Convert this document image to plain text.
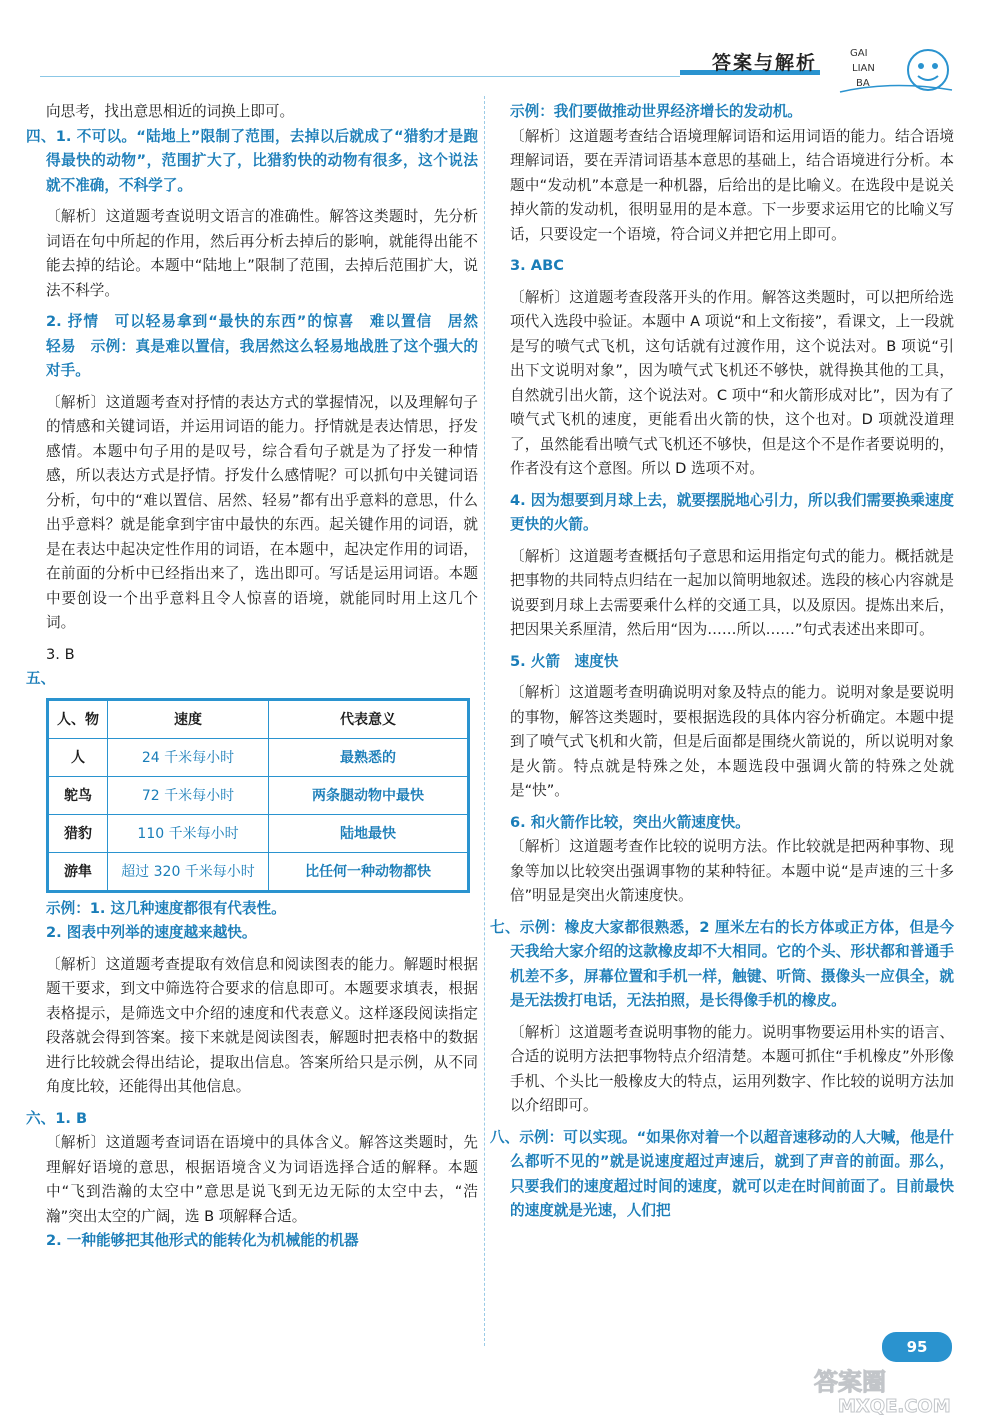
答案与解析	GAI
LIAN
BA

向思考，找出意思相近的词换上即可。

四、1. 不可以。“陆地上”限制了范围，去掉以后就成了“猎豹才是跑得最快的动物”，范围扩大了，比猎豹快的动物有很多，这个说法就不准确，不科学了。

〔解析〕这道题考查说明文语言的准确性。解答这类题时，先分析词语在句中所起的作用，然后再分析去掉后的影响，就能得出能不能去掉的结论。本题中“陆地上”限制了范围，去掉后范围扩大，说法不科学。

2. 抒情　可以轻易拿到“最快的东西”的惊喜　难以置信　居然　轻易　示例：真是难以置信，我居然这么轻易地战胜了这个强大的对手。

〔解析〕这道题考查对抒情的表达方式的掌握情况，以及理解句子的情感和关键词语，并运用词语的能力。抒情就是表达情思，抒发感情。本题中句子用的是叹号，综合看句子就是为了抒发一种情感，所以表达方式是抒情。抒发什么感情呢？可以抓句中关键词语分析，句中的“难以置信、居然、轻易”都有出乎意料的意思，什么出乎意料？就是能拿到宇宙中最快的东西。起关键作用的词语，就是在表达中起决定性作用的词语，在本题中，起决定作用的词语，在前面的分析中已经指出来了，选出即可。写话是运用词语。本题中要创设一个出乎意料且令人惊喜的语境，就能同时用上这几个词。

3. B

五、

人、物	速度	代表意义
人	24 千米每小时	最熟悉的
鸵鸟	72 千米每小时	两条腿动物中最快
猎豹	110 千米每小时	陆地最快
游隼	超过 320 千米每小时	比任何一种动物都快

示例：1. 这几种速度都很有代表性。

2. 图表中列举的速度越来越快。

〔解析〕这道题考查提取有效信息和阅读图表的能力。解题时根据题干要求，到文中筛选符合要求的信息即可。本题要求填表，根据表格提示，是筛选文中介绍的速度和代表意义。这样逐段阅读指定段落就会得到答案。接下来就是阅读图表，解题时把表格中的数据进行比较就会得出结论，提取出信息。答案所给只是示例，从不同角度比较，还能得出其他信息。

六、1. B

〔解析〕这道题考查词语在语境中的具体含义。解答这类题时，先理解好语境的意思，根据语境含义为词语选择合适的解释。本题中“飞到浩瀚的太空中”意思是说飞到无边无际的太空中去，“浩瀚”突出太空的广阔，选 B 项解释合适。

2. 一种能够把其他形式的能转化为机械能的机器

示例：我们要做推动世界经济增长的发动机。

〔解析〕这道题考查结合语境理解词语和运用词语的能力。结合语境理解词语，要在弄清词语基本意思的基础上，结合语境进行分析。本题中“发动机”本意是一种机器，后给出的是比喻义。在选段中是说关掉火箭的发动机，很明显用的是本意。下一步要求运用它的比喻义写话，只要设定一个语境，符合词义并把它用上即可。

3. ABC

〔解析〕这道题考查段落开头的作用。解答这类题时，可以把所给选项代入选段中验证。本题中 A 项说“和上文衔接”，看课文，上一段就是写的喷气式飞机，这句话就有过渡作用，这个说法对。B 项说“引出下文说明对象”，因为喷气式飞机还不够快，就得换其他的工具，自然就引出火箭，这个说法对。C 项中“和火箭形成对比”，因为有了喷气式飞机的速度，更能看出火箭的快，这个也对。D 项就没道理了，虽然能看出喷气式飞机还不够快，但是这个不是作者要说明的，作者没有这个意图。所以 D 选项不对。

4. 因为想要到月球上去，就要摆脱地心引力，所以我们需要换乘速度更快的火箭。

〔解析〕这道题考查概括句子意思和运用指定句式的能力。概括就是把事物的共同特点归结在一起加以简明地叙述。选段的核心内容就是说要到月球上去需要乘什么样的交通工具，以及原因。提炼出来后，把因果关系厘清，然后用“因为……所以……”句式表述出来即可。

5. 火箭　速度快

〔解析〕这道题考查明确说明对象及特点的能力。说明对象是要说明的事物，解答这类题时，要根据选段的具体内容分析确定。本题中提到了喷气式飞机和火箭，但是后面都是围绕火箭说的，所以说明对象是火箭。特点就是特殊之处，本题选段中强调火箭的特殊之处就是“快”。

6. 和火箭作比较，突出火箭速度快。

〔解析〕这道题考查作比较的说明方法。作比较就是把两种事物、现象等加以比较突出强调事物的某种特征。本题中说“是声速的三十多倍”明显是突出火箭速度快。

七、示例：橡皮大家都很熟悉，2 厘米左右的长方体或正方体，但是今天我给大家介绍的这款橡皮却不大相同。它的个头、形状都和普通手机差不多，屏幕位置和手机一样，触键、听筒、摄像头一应俱全，就是无法拨打电话，无法拍照，是长得像手机的橡皮。

〔解析〕这道题考查说明事物的能力。说明事物要运用朴实的语言、合适的说明方法把事物特点介绍清楚。本题可抓住“手机橡皮”外形像手机、个头比一般橡皮大的特点，运用列数字、作比较的说明方法加以介绍即可。

八、示例：可以实现。“如果你对着一个以超音速移动的人大喊，他是什么都听不见的”就是说速度超过声速后，就到了声音的前面。那么，只要我们的速度超过时间的速度，就可以走在时间前面了。目前最快的速度就是光速，人们把

95
答案圈
MXQE.COM
